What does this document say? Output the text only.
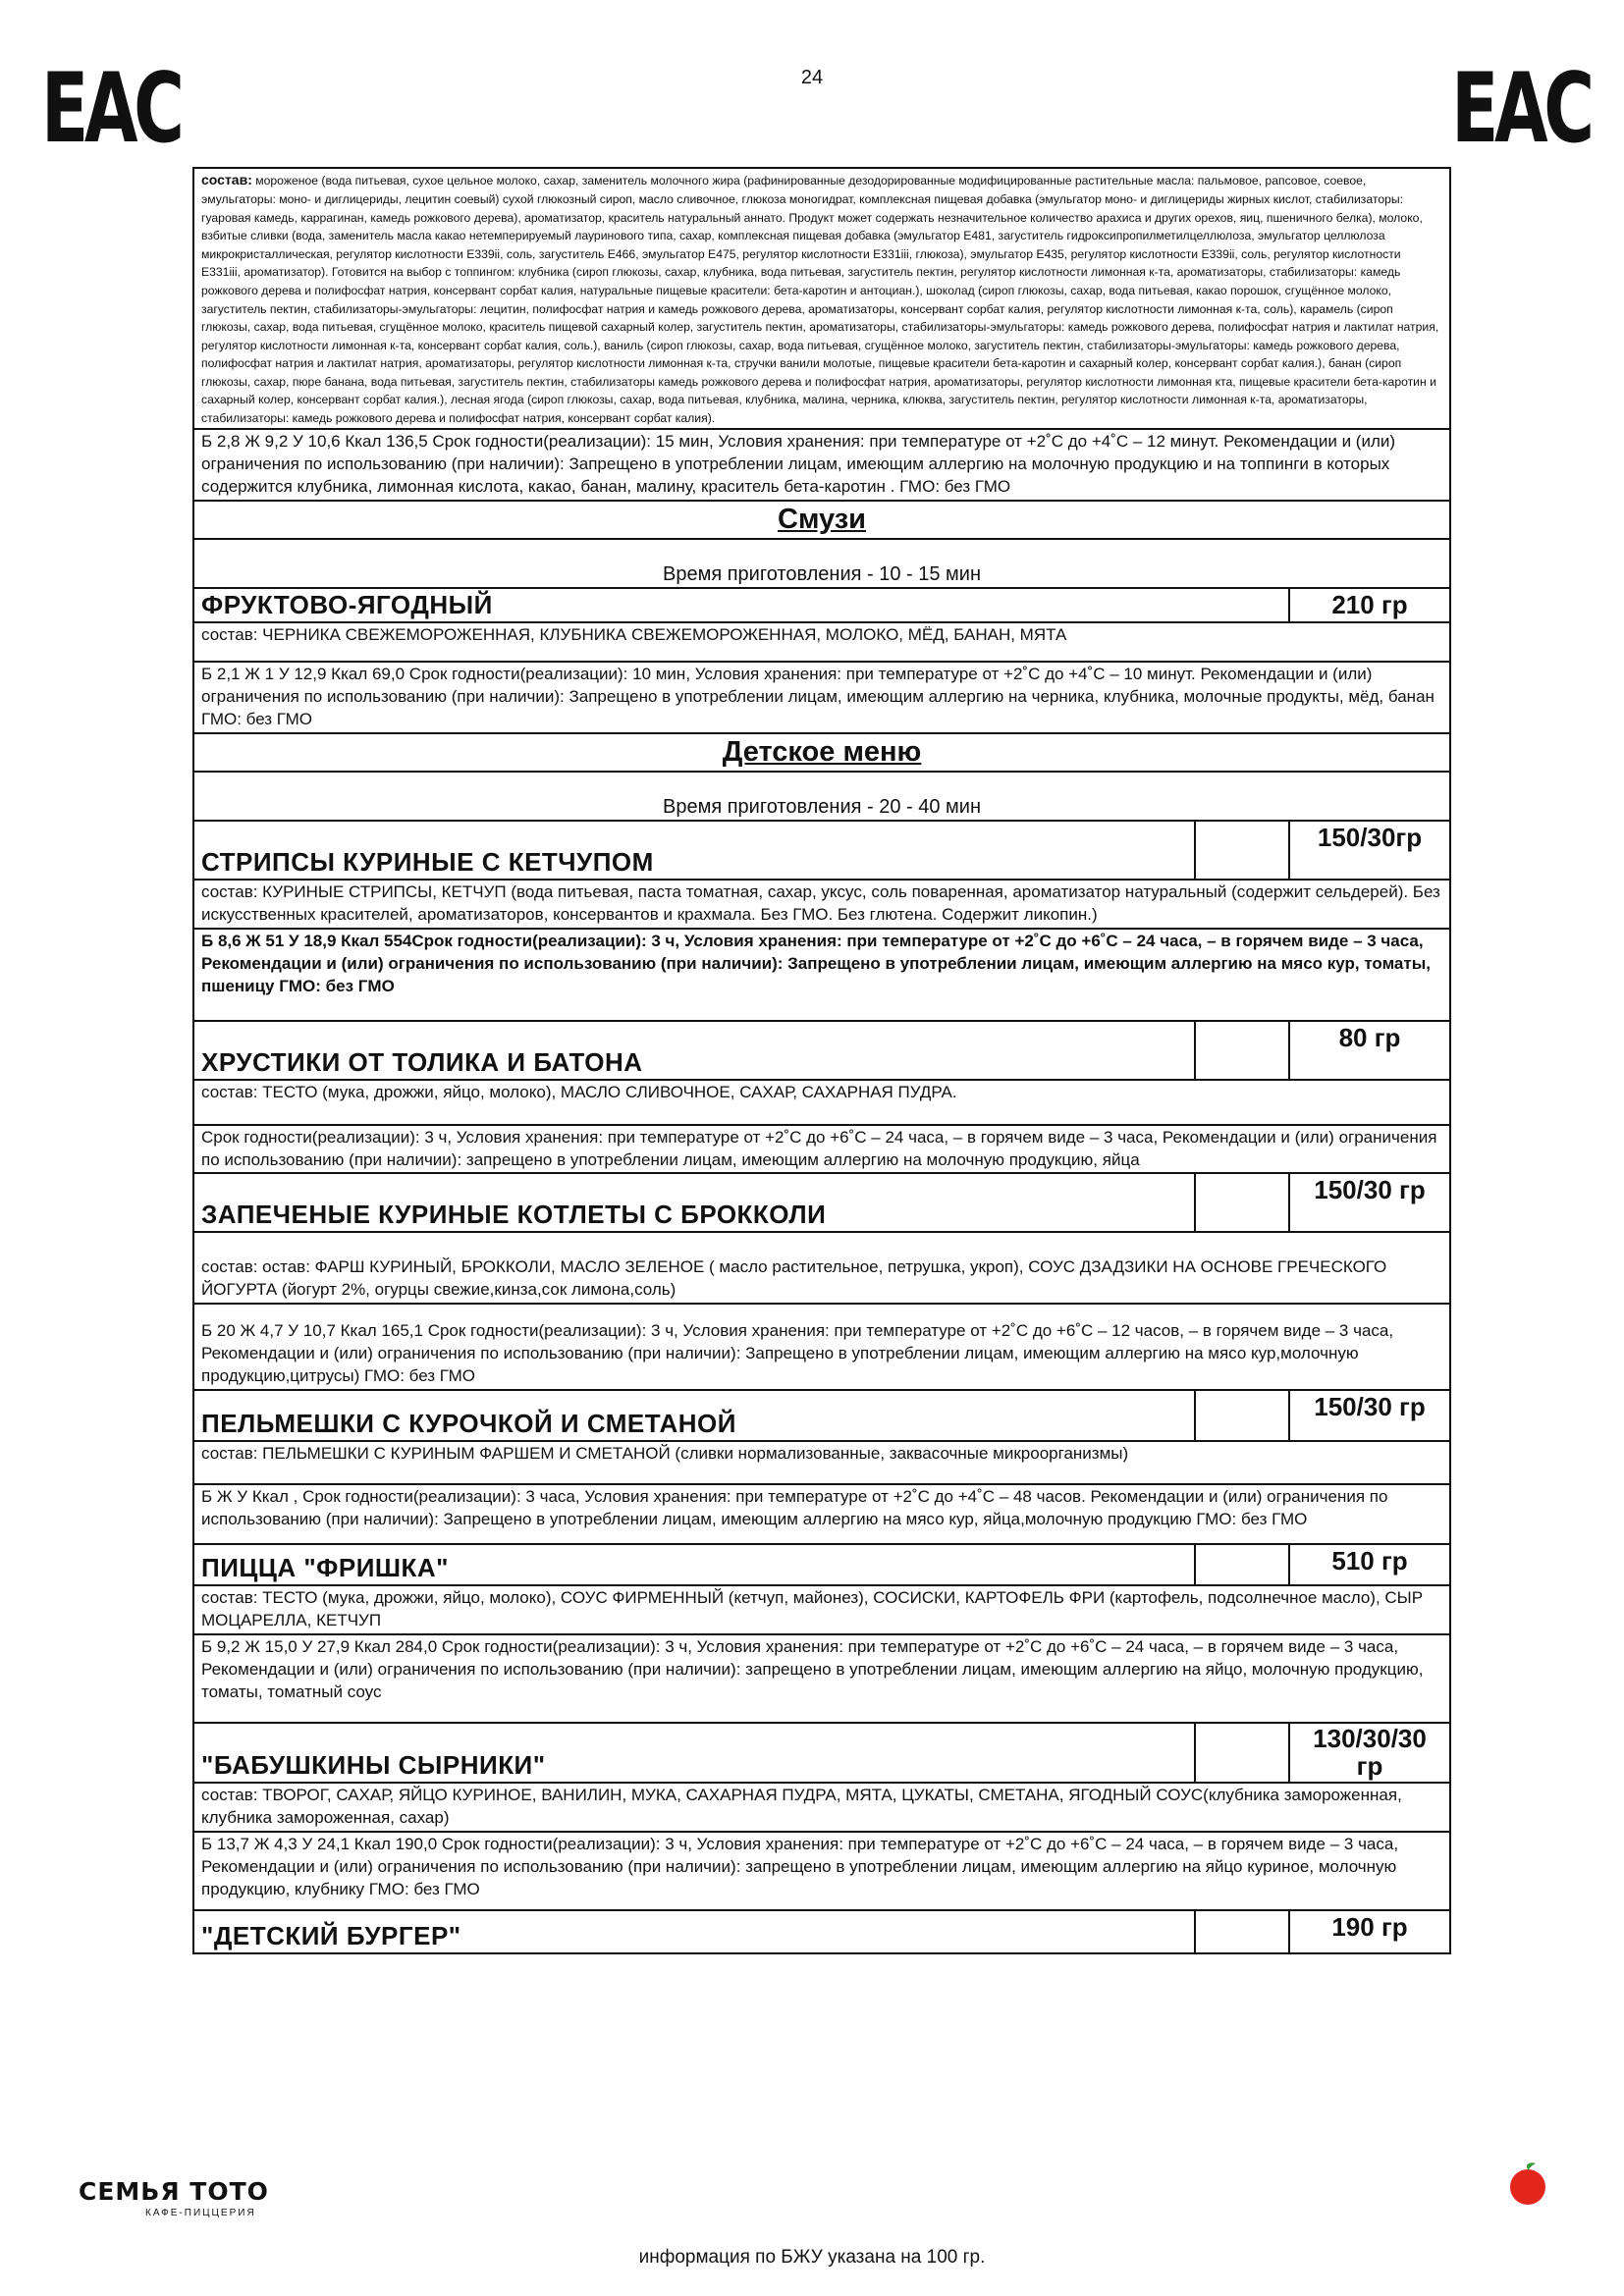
ЕАС	24	ЕАС
состав: мороженое (вода питьевая, сухое цельное молоко, сахар, заменитель молочного жира (рафинированные дезодорированные модифицированные растительные масла: пальмовое, рапсовое, соевое, эмульгаторы: моно- и диглицериды, лецитин соевый) сухой глюкозный сироп, масло сливочное, глюкоза моногидрат, комплексная пищевая добавка (эмульгатор моно- и диглицериды жирных кислот, стабилизаторы: гуаровая камедь, каррагинан, камедь рожкового дерева), ароматизатор, краситель натуральный аннато. Продукт может содержать незначительное количество арахиса и других орехов, яиц, пшеничного белка), молоко, взбитые сливки (вода, заменитель масла какао нетемперируемый лауринового типа, сахар, комплексная пищевая добавка (эмульгатор Е481, загуститель гидроксипропилметилцеллюлоза, эмульгатор целлюлоза микрокристаллическая, регулятор кислотности Е339ii, соль, загуститель Е466, эмульгатор Е475, регулятор кислотности Е331iii, глюкоза), эмульгатор Е435, регулятор кислотности Е339ii, соль, регулятор кислотности Е331iii, ароматизатор). Готовится на выбор с топпингом: клубника (сироп глюкозы, сахар, клубника, вода питьевая, загуститель пектин, регулятор кислотности лимонная к-та, ароматизаторы, стабилизаторы: камедь рожкового дерева и полифосфат натрия, консервант сорбат калия, натуральные пищевые красители: бета-каротин и антоциан.), шоколад (сироп глюкозы, сахар, вода питьевая, какао порошок, сгущённое молоко, загуститель пектин, стабилизаторы-эмульгаторы: лецитин, полифосфат натрия и камедь рожкового дерева, ароматизаторы, консервант сорбат калия, регулятор кислотности лимонная к-та, соль), карамель (сироп глюкозы, сахар, вода питьевая, сгущённое молоко, краситель пищевой сахарный колер, загуститель пектин, ароматизаторы, стабилизаторы-эмульгаторы: камедь рожкового дерева, полифосфат натрия и лактилат натрия, регулятор кислотности лимонная к-та, консервант сорбат калия, соль.), ваниль (сироп глюкозы, сахар, вода питьевая, сгущённое молоко, загуститель пектин, стабилизаторы-эмульгаторы: камедь рожкового дерева, полифосфат натрия и лактилат натрия, ароматизаторы, регулятор кислотности лимонная к-та, стручки ванили молотые, пищевые красители бета-каротин и сахарный колер, консервант сорбат калия.), банан (сироп глюкозы, сахар, пюре банана, вода питьевая, загуститель пектин, стабилизаторы камедь рожкового дерева и полифосфат натрия, ароматизаторы, регулятор кислотности лимонная кта, пищевые красители бета-каротин и сахарный колер, консервант сорбат калия.), лесная ягода (сироп глюкозы, сахар, вода питьевая, клубника, малина, черника, клюква, загуститель пектин, регулятор кислотности лимонная к-та, ароматизаторы, стабилизаторы: камедь рожкового дерева и полифосфат натрия, консервант сорбат калия).		
Б 2,8 Ж 9,2 У 10,6 Ккал 136,5 Срок годности(реализации): 15 мин, Условия хранения: при температуре от +2˚С до +4˚С – 12 минут. Рекомендации и (или) ограничения по использованию (при наличии): Запрещено в употреблении лицам, имеющим аллергию на молочную продукцию и на топпинги в которых содержится клубника, лимонная кислота, какао, банан, малину, краситель бета-каротин . ГМО: без ГМО		
Смузи		
Время приготовления - 10 - 15 мин		
ФРУКТОВО-ЯГОДНЫЙ		210 гр
состав: ЧЕРНИКА СВЕЖЕМОРОЖЕННАЯ, КЛУБНИКА СВЕЖЕМОРОЖЕННАЯ, МОЛОКО, МЁД, БАНАН, МЯТА		
Б 2,1 Ж 1 У 12,9 Ккал 69,0 Срок годности(реализации): 10 мин, Условия хранения: при температуре от +2˚С до +4˚С – 10 минут. Рекомендации и (или) ограничения по использованию (при наличии): Запрещено в употреблении лицам, имеющим аллергию на черника, клубника, молочные продукты, мёд, банан ГМО: без ГМО		
Детское меню		
Время приготовления - 20 - 40 мин		
СТРИПСЫ КУРИНЫЕ С КЕТЧУПОМ		150/30гр
состав: КУРИНЫЕ СТРИПСЫ, КЕТЧУП (вода питьевая, паста томатная, сахар, уксус, соль поваренная, ароматизатор натуральный (содержит сельдерей). Без искусственных красителей, ароматизаторов, консервантов и крахмала. Без ГМО. Без глютена. Содержит ликопин.)		
Б 8,6 Ж 51 У 18,9 Ккал 554Срок годности(реализации): 3 ч, Условия хранения: при температуре от +2˚С до +6˚С – 24 часа, – в горячем виде – 3 часа, Рекомендации и (или) ограничения по использованию (при наличии): Запрещено в употреблении лицам, имеющим аллергию на мясо кур, томаты, пшеницу ГМО: без ГМО		
ХРУСТИКИ ОТ ТОЛИКА И БАТОНА		80 гр
состав: ТЕСТО (мука, дрожжи, яйцо, молоко), МАСЛО СЛИВОЧНОЕ, САХАР, САХАРНАЯ ПУДРА.		
Срок годности(реализации): 3 ч, Условия хранения: при температуре от +2˚С до +6˚С – 24 часа, – в горячем виде – 3 часа, Рекомендации и (или) ограничения по использованию (при наличии): запрещено в употреблении лицам, имеющим аллергию на молочную продукцию, яйца		
ЗАПЕЧЕНЫЕ КУРИНЫЕ КОТЛЕТЫ С БРОККОЛИ		150/30 гр
состав: остав: ФАРШ КУРИНЫЙ, БРОККОЛИ, МАСЛО ЗЕЛЕНОЕ ( масло растительное, петрушка, укроп), СОУС ДЗАДЗИКИ НА ОСНОВЕ ГРЕЧЕСКОГО ЙОГУРТА (йогурт 2%, огурцы свежие,кинза,сок лимона,соль)		
Б 20 Ж 4,7 У 10,7 Ккал 165,1 Срок годности(реализации): 3 ч, Условия хранения: при температуре от +2˚С до +6˚С – 12 часов, – в горячем виде – 3 часа, Рекомендации и (или) ограничения по использованию (при наличии): Запрещено в употреблении лицам, имеющим аллергию на мясо кур,молочную продукцию,цитрусы) ГМО: без ГМО		
ПЕЛЬМЕШКИ С КУРОЧКОЙ И СМЕТАНОЙ		150/30 гр
состав: ПЕЛЬМЕШКИ С КУРИНЫМ ФАРШЕМ И СМЕТАНОЙ (сливки нормализованные, заквасочные микроорганизмы)		
Б Ж У Ккал , Срок годности(реализации): 3 часа, Условия хранения: при температуре от +2˚С до +4˚С – 48 часов. Рекомендации и (или) ограничения по использованию (при наличии): Запрещено в употреблении лицам, имеющим аллергию на мясо кур, яйца,молочную продукцию ГМО: без ГМО		
ПИЦЦА "ФРИШКА"		510 гр
состав: ТЕСТО (мука, дрожжи, яйцо, молоко), СОУС ФИРМЕННЫЙ (кетчуп, майонез), СОСИСКИ, КАРТОФЕЛЬ ФРИ (картофель, подсолнечное масло), СЫР МОЦАРЕЛЛА, КЕТЧУП		
Б 9,2 Ж 15,0 У 27,9 Ккал 284,0 Срок годности(реализации): 3 ч, Условия хранения: при температуре от +2˚С до +6˚С – 24 часа, – в горячем виде – 3 часа, Рекомендации и (или) ограничения по использованию (при наличии): запрещено в употреблении лицам, имеющим аллергию на яйцо, молочную продукцию, томаты, томатный соус		
"БАБУШКИНЫ СЫРНИКИ"		130/30/30 гр
состав: ТВОРОГ, САХАР, ЯЙЦО КУРИНОЕ, ВАНИЛИН, МУКА, САХАРНАЯ ПУДРА, МЯТА, ЦУКАТЫ, СМЕТАНА, ЯГОДНЫЙ СОУС(клубника замороженная, клубника замороженная, сахар)		
Б 13,7 Ж 4,3 У 24,1 Ккал 190,0 Срок годности(реализации): 3 ч, Условия хранения: при температуре от +2˚С до +6˚С – 24 часа, – в горячем виде – 3 часа, Рекомендации и (или) ограничения по использованию (при наличии): запрещено в употреблении лицам, имеющим аллергию на яйцо куриное, молочную продукцию, клубнику ГМО: без ГМО		
"ДЕТСКИЙ БУРГЕР"		190 гр
СЕМЬЯ ТОТО
КАФЕ-ПИЦЦЕРИЯ
информация по БЖУ указана на 100 гр.
